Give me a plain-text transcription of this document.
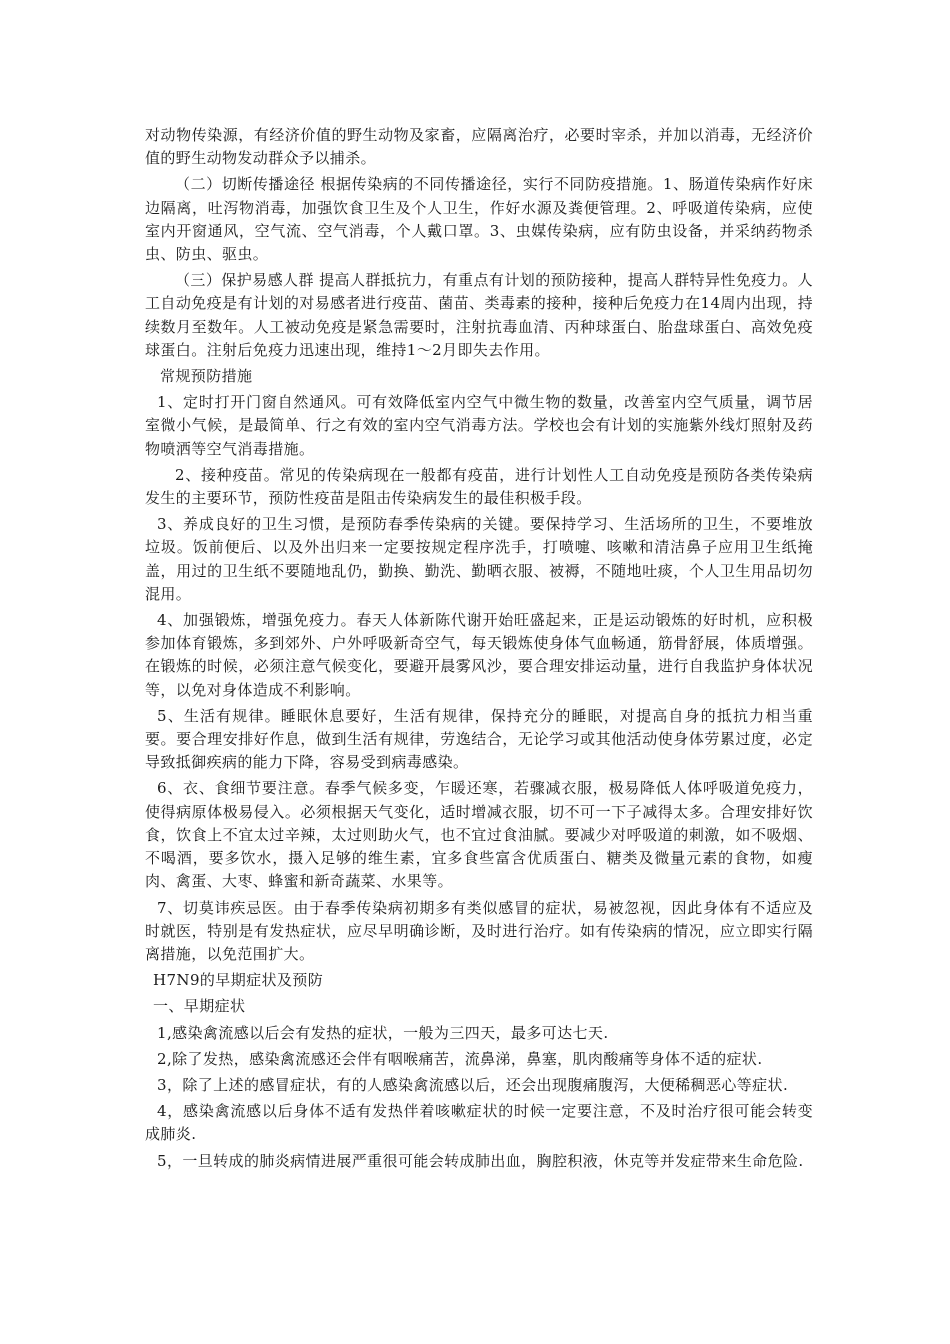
对动物传染源，有经济价值的野生动物及家畜，应隔离治疗，必要时宰杀，并加以消毒，无经济价值的野生动物发动群众予以捕杀。

（二）切断传播途径 根据传染病的不同传播途径，实行不同防疫措施。1、肠道传染病作好床边隔离，吐泻物消毒，加强饮食卫生及个人卫生，作好水源及粪便管理。2、呼吸道传染病，应使室内开窗通风，空气流、空气消毒，个人戴口罩。3、虫媒传染病，应有防虫设备，并采纳药物杀虫、防虫、驱虫。

（三）保护易感人群 提高人群抵抗力，有重点有计划的预防接种，提高人群特异性免疫力。人工自动免疫是有计划的对易感者进行疫苗、菌苗、类毒素的接种，接种后免疫力在14周内出现，持续数月至数年。人工被动免疫是紧急需要时，注射抗毒血清、丙种球蛋白、胎盘球蛋白、高效免疫球蛋白。注射后免疫力迅速出现，维持1～2月即失去作用。

常规预防措施

1、定时打开门窗自然通风。可有效降低室内空气中微生物的数量，改善室内空气质量，调节居室微小气候，是最简单、行之有效的室内空气消毒方法。学校也会有计划的实施紫外线灯照射及药物喷洒等空气消毒措施。

2、接种疫苗。常见的传染病现在一般都有疫苗，进行计划性人工自动免疫是预防各类传染病发生的主要环节，预防性疫苗是阻击传染病发生的最佳积极手段。

3、养成良好的卫生习惯，是预防春季传染病的关键。要保持学习、生活场所的卫生，不要堆放垃圾。饭前便后、以及外出归来一定要按规定程序洗手，打喷嚏、咳嗽和清洁鼻子应用卫生纸掩盖，用过的卫生纸不要随地乱仍，勤换、勤洗、勤晒衣服、被褥，不随地吐痰，个人卫生用品切勿混用。

4、加强锻炼，增强免疫力。春天人体新陈代谢开始旺盛起来，正是运动锻炼的好时机，应积极参加体育锻炼，多到郊外、户外呼吸新奇空气，每天锻炼使身体气血畅通，筋骨舒展，体质增强。在锻炼的时候，必须注意气候变化，要避开晨雾风沙，要合理安排运动量，进行自我监护身体状况等，以免对身体造成不利影响。

5、生活有规律。睡眠休息要好，生活有规律，保持充分的睡眠，对提高自身的抵抗力相当重要。要合理安排好作息，做到生活有规律，劳逸结合，无论学习或其他活动使身体劳累过度，必定导致抵御疾病的能力下降，容易受到病毒感染。

6、衣、食细节要注意。春季气候多变，乍暖还寒，若骤减衣服，极易降低人体呼吸道免疫力，使得病原体极易侵入。必须根据天气变化，适时增减衣服，切不可一下子减得太多。合理安排好饮食，饮食上不宜太过辛辣，太过则助火气，也不宜过食油腻。要减少对呼吸道的刺激，如不吸烟、不喝酒，要多饮水，摄入足够的维生素，宜多食些富含优质蛋白、糖类及微量元素的食物，如瘦肉、禽蛋、大枣、蜂蜜和新奇蔬菜、水果等。

7、切莫讳疾忌医。由于春季传染病初期多有类似感冒的症状，易被忽视，因此身体有不适应及时就医，特别是有发热症状，应尽早明确诊断，及时进行治疗。如有传染病的情况，应立即实行隔离措施，以免范围扩大。

H7N9的早期症状及预防

一、早期症状

1,感染禽流感以后会有发热的症状，一般为三四天，最多可达七天.

2,除了发热，感染禽流感还会伴有咽喉痛苦，流鼻涕，鼻塞，肌肉酸痛等身体不适的症状.

3，除了上述的感冒症状，有的人感染禽流感以后，还会出现腹痛腹泻，大便稀稠恶心等症状.

4，感染禽流感以后身体不适有发热伴着咳嗽症状的时候一定要注意，不及时治疗很可能会转变成肺炎.

5，一旦转成的肺炎病情进展严重很可能会转成肺出血，胸腔积液，休克等并发症带来生命危险.
